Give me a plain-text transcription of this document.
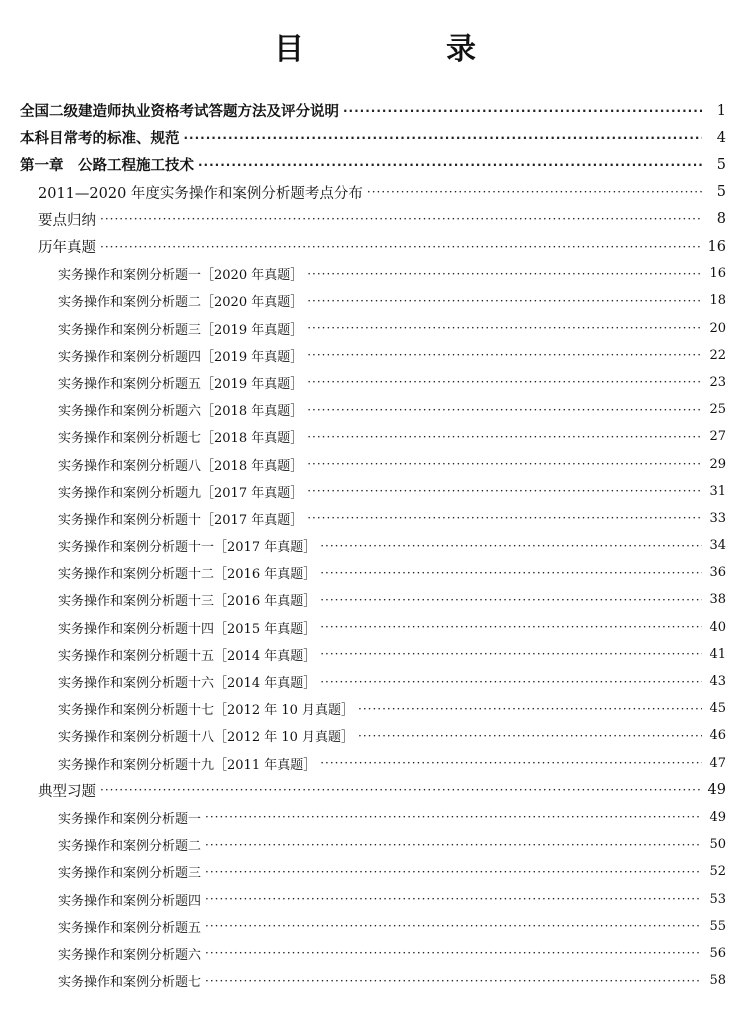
目　录
全国二级建造师执业资格考试答题方法及评分说明 ·····	1
本科目常考的标准、规范 ·····	4
第一章　公路工程施工技术 ·····	5
2011—2020 年度实务操作和案例分析题考点分布 ·····	5
要点归纳 ·····	8
历年真题 ·····	16
实务操作和案例分析题一［2020 年真题］ ·····	16
实务操作和案例分析题二［2020 年真题］ ·····	18
实务操作和案例分析题三［2019 年真题］ ·····	20
实务操作和案例分析题四［2019 年真题］ ·····	22
实务操作和案例分析题五［2019 年真题］ ·····	23
实务操作和案例分析题六［2018 年真题］ ·····	25
实务操作和案例分析题七［2018 年真题］ ·····	27
实务操作和案例分析题八［2018 年真题］ ·····	29
实务操作和案例分析题九［2017 年真题］ ·····	31
实务操作和案例分析题十［2017 年真题］ ·····	33
实务操作和案例分析题十一［2017 年真题］ ·····	34
实务操作和案例分析题十二［2016 年真题］ ·····	36
实务操作和案例分析题十三［2016 年真题］ ·····	38
实务操作和案例分析题十四［2015 年真题］ ·····	40
实务操作和案例分析题十五［2014 年真题］ ·····	41
实务操作和案例分析题十六［2014 年真题］ ·····	43
实务操作和案例分析题十七［2012 年 10 月真题］ ·····	45
实务操作和案例分析题十八［2012 年 10 月真题］ ·····	46
实务操作和案例分析题十九［2011 年真题］ ·····	47
典型习题 ·····	49
实务操作和案例分析题一 ·····	49
实务操作和案例分析题二 ·····	50
实务操作和案例分析题三 ·····	52
实务操作和案例分析题四 ·····	53
实务操作和案例分析题五 ·····	55
实务操作和案例分析题六 ·····	56
实务操作和案例分析题七 ·····	58
